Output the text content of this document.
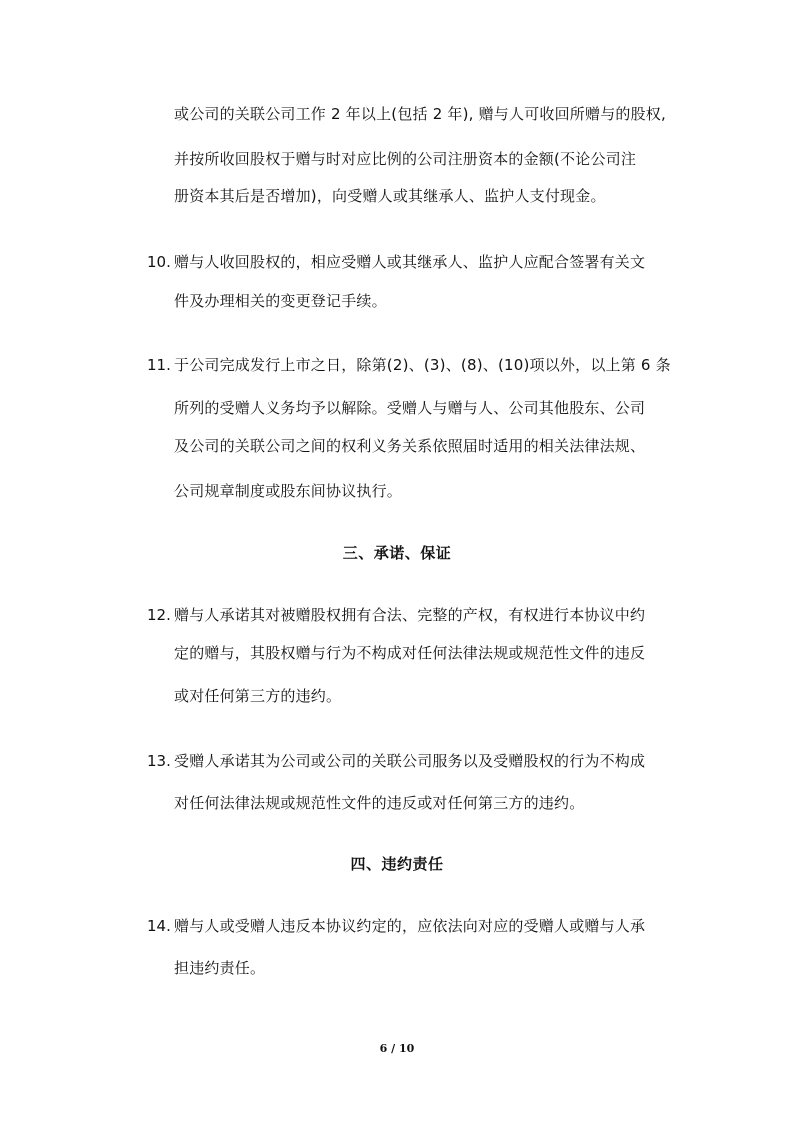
或公司的关联公司工作 2 年以上(包括 2 年), 赠与人可收回所赠与的股权,
并按所收回股权于赠与时对应比例的公司注册资本的金额(不论公司注
册资本其后是否增加)，向受赠人或其继承人、监护人支付现金。
10. 赠与人收回股权的，相应受赠人或其继承人、监护人应配合签署有关文
件及办理相关的变更登记手续。
11. 于公司完成发行上市之日，除第(2)、(3)、(8)、(10)项以外，以上第 6 条
所列的受赠人义务均予以解除。受赠人与赠与人、公司其他股东、公司
及公司的关联公司之间的权利义务关系依照届时适用的相关法律法规、
公司规章制度或股东间协议执行。
三、承诺、保证
12. 赠与人承诺其对被赠股权拥有合法、完整的产权，有权进行本协议中约
定的赠与，其股权赠与行为不构成对任何法律法规或规范性文件的违反
或对任何第三方的违约。
13. 受赠人承诺其为公司或公司的关联公司服务以及受赠股权的行为不构成
对任何法律法规或规范性文件的违反或对任何第三方的违约。
四、违约责任
14. 赠与人或受赠人违反本协议约定的，应依法向对应的受赠人或赠与人承
担违约责任。
6 / 10
